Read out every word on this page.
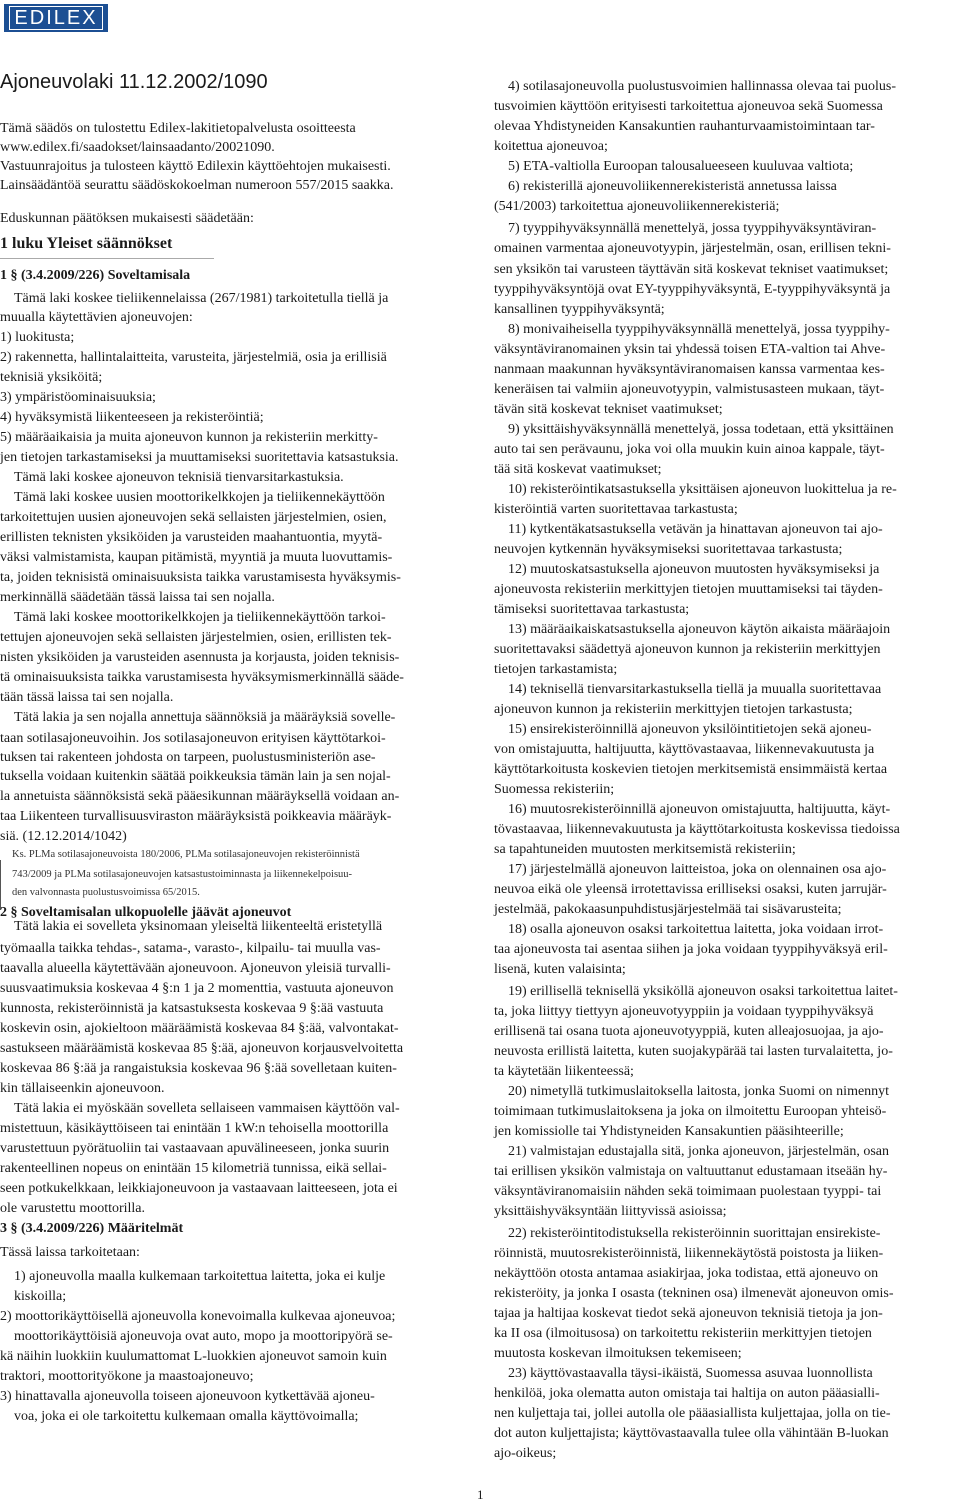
EDILEX
Ajoneuvolaki 11.12.2002/1090
Tämä säädös on tulostettu Edilex-lakitietopalvelusta osoitteesta
www.edilex.fi/saadokset/lainsaadanto/20021090.
Vastuunrajoitus ja tulosteen käyttö Edilexin käyttöehtojen mukaisesti.
Lainsäädäntöä seurattu säädöskokoelman numeroon 557/2015 saakka.
Eduskunnan päätöksen mukaisesti säädetään:
1 luku Yleiset säännökset
1 § (3.4.2009/226) Soveltamisala
Tämä laki koskee tieliikennelaissa (267/1981) tarkoitetulla tiellä ja
muualla käytettävien ajoneuvojen:
1) luokitusta;
2) rakennetta, hallintalaitteita, varusteita, järjestelmiä, osia ja erillisiä
teknisiä yksiköitä;
3) ympäristöominaisuuksia;
4) hyväksymistä liikenteeseen ja rekisteröintiä;
5) määräaikaisia ja muita ajoneuvon kunnon ja rekisteriin merkitty-
jen tietojen tarkastamiseksi ja muuttamiseksi suoritettavia katsastuksia.
Tämä laki koskee ajoneuvon teknisiä tienvarsitarkastuksia.
Tämä laki koskee uusien moottorikelkkojen ja tieliikennekäyttöön
tarkoitettujen uusien ajoneuvojen sekä sellaisten järjestelmien, osien,
erillisten teknisten yksiköiden ja varusteiden maahantuontia, myytä-
väksi valmistamista, kaupan pitämistä, myyntiä ja muuta luovuttamis-
ta, joiden teknisistä ominaisuuksista taikka varustamisesta hyväksymis-
merkinnällä säädetään tässä laissa tai sen nojalla.
Tämä laki koskee moottorikelkkojen ja tieliikennekäyttöön tarkoi-
tettujen ajoneuvojen sekä sellaisten järjestelmien, osien, erillisten tek-
nisten yksiköiden ja varusteiden asennusta ja korjausta, joiden teknisis-
tä ominaisuuksista taikka varustamisesta hyväksymismerkinnällä sääde-
tään tässä laissa tai sen nojalla.
Tätä lakia ja sen nojalla annettuja säännöksiä ja määräyksiä sovelle-
taan sotilasajoneuvoihin. Jos sotilasajoneuvon erityisen käyttötarkoi-
tuksen tai rakenteen johdosta on tarpeen, puolustusministeriön ase-
tuksella voidaan kuitenkin säätää poikkeuksia tämän lain ja sen nojal-
la annetuista säännöksistä sekä pääesikunnan määräyksellä voidaan an-
taa Liikenteen turvallisuusviraston määräyksistä poikkeavia määräyk-
siä. (12.12.2014/1042)
Ks. PLMa sotilasajoneuvoista 180/2006, PLMa sotilasajoneuvojen rekisteröinnistä
743/2009 ja PLMa sotilasajoneuvojen katsastustoiminnasta ja liikennekelpoisuu-
den valvonnasta puolustusvoimissa 65/2015.
2 § Soveltamisalan ulkopuolelle jäävät ajoneuvot
Tätä lakia ei sovelleta yksinomaan yleiseltä liikenteeltä eristetyllä
työmaalla taikka tehdas-, satama-, varasto-, kilpailu- tai muulla vas-
taavalla alueella käytettävään ajoneuvoon. Ajoneuvon yleisiä turvalli-
suusvaatimuksia koskevaa 4 §:n 1 ja 2 momenttia, vastuuta ajoneuvon
kunnosta, rekisteröinnistä ja katsastuksesta koskevaa 9 §:ää vastuuta
koskevin osin, ajokieltoon määräämistä koskevaa 84 §:ää, valvontakat-
sastukseen määräämistä koskevaa 85 §:ää, ajoneuvon korjausvelvoitetta
koskevaa 86 §:ää ja rangaistuksia koskevaa 96 §:ää sovelletaan kuiten-
kin tällaiseenkin ajoneuvoon.
Tätä lakia ei myöskään sovelleta sellaiseen vammaisen käyttöön val-
mistettuun, käsikäyttöiseen tai enintään 1 kW:n tehoisella moottorilla
varustettuun pyörätuoliin tai vastaavaan apuvälineeseen, jonka suurin
rakenteellinen nopeus on enintään 15 kilometriä tunnissa, eikä sellai-
seen potkukelkkaan, leikkiajoneuvoon ja vastaavaan laitteeseen, jota ei
ole varustettu moottorilla.
3 § (3.4.2009/226) Määritelmät
Tässä laissa tarkoitetaan:
1) ajoneuvolla maalla kulkemaan tarkoitettua laitetta, joka ei kulje
kiskoilla;
2) moottorikäyttöisellä ajoneuvolla konevoimalla kulkevaa ajoneuvoa;
moottorikäyttöisiä ajoneuvoja ovat auto, mopo ja moottoripyörä se-
kä näihin luokkiin kuulumattomat L-luokkien ajoneuvot samoin kuin
traktori, moottorityökone ja maastoajoneuvo;
3) hinattavalla ajoneuvolla toiseen ajoneuvoon kytkettävää ajoneu-
voa, joka ei ole tarkoitettu kulkemaan omalla käyttövoimalla;
4) sotilasajoneuvolla puolustusvoimien hallinnassa olevaa tai puolus-
tusvoimien käyttöön erityisesti tarkoitettua ajoneuvoa sekä Suomessa
olevaa Yhdistyneiden Kansakuntien rauhanturvaamistoimintaan tar-
koitettua ajoneuvoa;
5) ETA-valtiolla Euroopan talousalueeseen kuuluvaa valtiota;
6) rekisterillä ajoneuvoliikennerekisteristä annetussa laissa
(541/2003) tarkoitettua ajoneuvoliikennerekisteriä;
7) tyyppihyväksynnällä menettelyä, jossa tyyppihyväksyntäviran-
omainen varmentaa ajoneuvotyypin, järjestelmän, osan, erillisen tekni-
sen yksikön tai varusteen täyttävän sitä koskevat tekniset vaatimukset;
tyyppihyväksyntöjä ovat EY-tyyppihyväksyntä, E-tyyppihyväksyntä ja
kansallinen tyyppihyväksyntä;
8) monivaiheisella tyyppihyväksynnällä menettelyä, jossa tyyppihy-
väksyntäviranomainen yksin tai yhdessä toisen ETA-valtion tai Ahve-
nanmaan maakunnan hyväksyntäviranomaisen kanssa varmentaa kes-
keneräisen tai valmiin ajoneuvotyypin, valmistusasteen mukaan, täyt-
tävän sitä koskevat tekniset vaatimukset;
9) yksittäishyväksynnällä menettelyä, jossa todetaan, että yksittäinen
auto tai sen perävaunu, joka voi olla muukin kuin ainoa kappale, täyt-
tää sitä koskevat vaatimukset;
10) rekisteröintikatsastuksella yksittäisen ajoneuvon luokittelua ja re-
kisteröintiä varten suoritettavaa tarkastusta;
11) kytkentäkatsastuksella vetävän ja hinattavan ajoneuvon tai ajo-
neuvojen kytkennän hyväksymiseksi suoritettavaa tarkastusta;
12) muutoskatsastuksella ajoneuvon muutosten hyväksymiseksi ja
ajoneuvosta rekisteriin merkittyjen tietojen muuttamiseksi tai täyden-
tämiseksi suoritettavaa tarkastusta;
13) määräaikaiskatsastuksella ajoneuvon käytön aikaista määräajoin
suoritettavaksi säädettyä ajoneuvon kunnon ja rekisteriin merkittyjen
tietojen tarkastamista;
14) teknisellä tienvarsitarkastuksella tiellä ja muualla suoritettavaa
ajoneuvon kunnon ja rekisteriin merkittyjen tietojen tarkastusta;
15) ensirekisteröinnillä ajoneuvon yksilöintitietojen sekä ajoneu-
von omistajuutta, haltijuutta, käyttövastaavaa, liikennevakuutusta ja
käyttötarkoitusta koskevien tietojen merkitsemistä ensimmäistä kertaa
Suomessa rekisteriin;
16) muutosrekisteröinnillä ajoneuvon omistajuutta, haltijuutta, käyt-
tövastaavaa, liikennevakuutusta ja käyttötarkoitusta koskevissa tiedoissa
sa tapahtuneiden muutosten merkitsemistä rekisteriin;
17) järjestelmällä ajoneuvon laitteistoa, joka on olennainen osa ajo-
neuvoa eikä ole yleensä irrotettavissa erilliseksi osaksi, kuten jarrujär-
jestelmää, pakokaasunpuhdistusjärjestelmää tai sisävarusteita;
18) osalla ajoneuvon osaksi tarkoitettua laitetta, joka voidaan irrot-
taa ajoneuvosta tai asentaa siihen ja joka voidaan tyyppihyväksyä eril-
lisenä, kuten valaisinta;
19) erillisellä teknisellä yksiköllä ajoneuvon osaksi tarkoitettua laitet-
ta, joka liittyy tiettyyn ajoneuvotyyppiin ja voidaan tyyppihyväksyä
erillisenä tai osana tuota ajoneuvotyyppiä, kuten alleajosuojaa, ja ajo-
neuvosta erillistä laitetta, kuten suojakypärää tai lasten turvalaitetta, jo-
ta käytetään liikenteessä;
20) nimetyllä tutkimuslaitoksella laitosta, jonka Suomi on nimennyt
toimimaan tutkimuslaitoksena ja joka on ilmoitettu Euroopan yhteisö-
jen komissiolle tai Yhdistyneiden Kansakuntien pääsihteerille;
21) valmistajan edustajalla sitä, jonka ajoneuvon, järjestelmän, osan
tai erillisen yksikön valmistaja on valtuuttanut edustamaan itseään hy-
väksyntäviranomaisiin nähden sekä toimimaan puolestaan tyyppi- tai
yksittäishyväksyntään liittyvissä asioissa;
22) rekisteröintitodistuksella rekisteröinnin suorittajan ensirekiste-
röinnistä, muutosrekisteröinnistä, liikennekäytöstä poistosta ja liiken-
nekäyttöön otosta antamaa asiakirjaa, joka todistaa, että ajoneuvo on
rekisteröity, ja jonka I osasta (tekninen osa) ilmenevät ajoneuvon omis-
tajaa ja haltijaa koskevat tiedot sekä ajoneuvon teknisiä tietoja ja jon-
ka II osa (ilmoitusosa) on tarkoitettu rekisteriin merkittyjen tietojen
muutosta koskevan ilmoituksen tekemiseen;
23) käyttövastaavalla täysi-ikäistä, Suomessa asuvaa luonnollista
henkilöä, joka olematta auton omistaja tai haltija on auton pääasialli-
nen kuljettaja tai, jollei autolla ole pääasiallista kuljettajaa, jolla on tie-
dot auton kuljettajista; käyttövastaavalla tulee olla vähintään B-luokan
ajo-oikeus;
1
